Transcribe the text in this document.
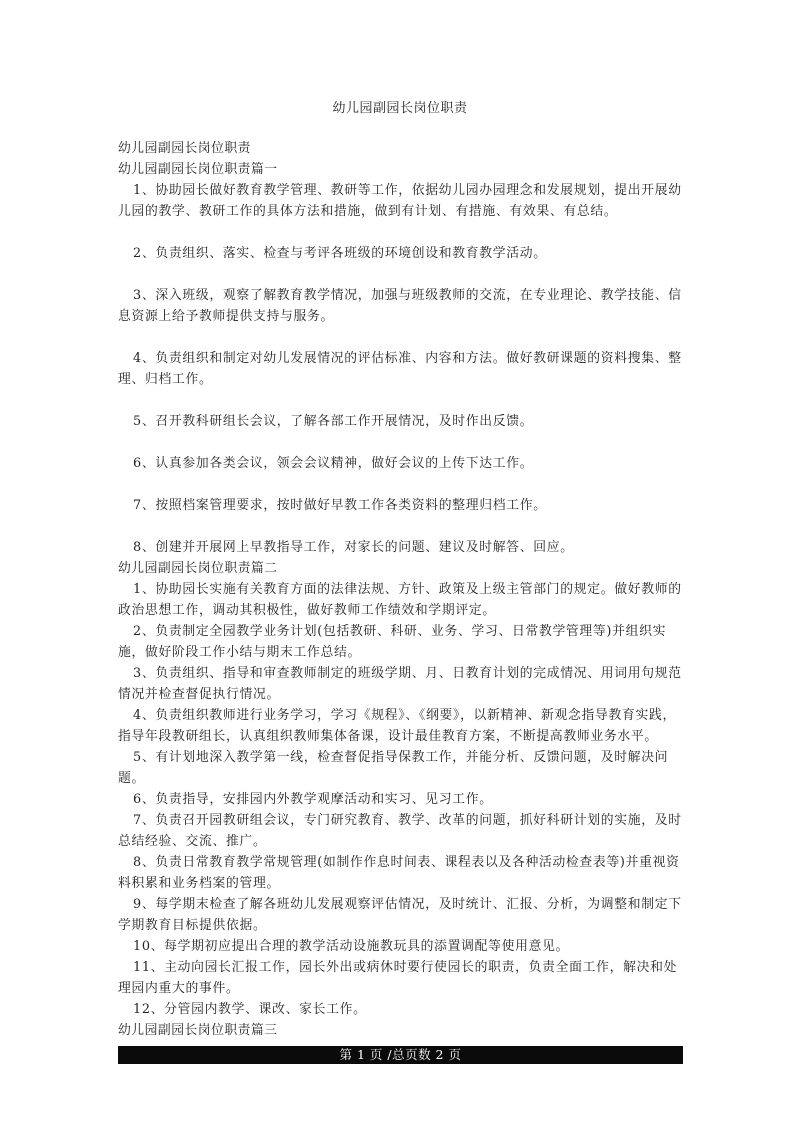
幼儿园副园长岗位职责
幼儿园副园长岗位职责
幼儿园副园长岗位职责篇一
1、协助园长做好教育教学管理、教研等工作，依据幼儿园办园理念和发展规划，提出开展幼儿园的教学、教研工作的具体方法和措施，做到有计划、有措施、有效果、有总结。
2、负责组织、落实、检查与考评各班级的环境创设和教育教学活动。
3、深入班级，观察了解教育教学情况，加强与班级教师的交流，在专业理论、教学技能、信息资源上给予教师提供支持与服务。
4、负责组织和制定对幼儿发展情况的评估标准、内容和方法。做好教研课题的资料搜集、整理、归档工作。
5、召开教科研组长会议，了解各部工作开展情况，及时作出反馈。
6、认真参加各类会议，领会会议精神，做好会议的上传下达工作。
7、按照档案管理要求，按时做好早教工作各类资料的整理归档工作。
8、创建并开展网上早教指导工作，对家长的问题、建议及时解答、回应。
幼儿园副园长岗位职责篇二
1、协助园长实施有关教育方面的法律法规、方针、政策及上级主管部门的规定。做好教师的政治思想工作，调动其积极性，做好教师工作绩效和学期评定。
2、负责制定全园教学业务计划(包括教研、科研、业务、学习、日常教学管理等)并组织实施，做好阶段工作小结与期末工作总结。
3、负责组织、指导和审查教师制定的班级学期、月、日教育计划的完成情况、用词用句规范情况并检查督促执行情况。
4、负责组织教师进行业务学习，学习《规程》、《纲要》，以新精神、新观念指导教育实践，指导年段教研组长，认真组织教师集体备课，设计最佳教育方案，不断提高教师业务水平。
5、有计划地深入教学第一线，检查督促指导保教工作，并能分析、反馈问题，及时解决问题。
6、负责指导，安排园内外教学观摩活动和实习、见习工作。
7、负责召开园教研组会议，专门研究教育、教学、改革的问题，抓好科研计划的实施，及时总结经验、交流、推广。
8、负责日常教育教学常规管理(如制作作息时间表、课程表以及各种活动检查表等)并重视资料积累和业务档案的管理。
9、每学期末检查了解各班幼儿发展观察评估情况，及时统计、汇报、分析，为调整和制定下学期教育目标提供依据。
10、每学期初应提出合理的教学活动设施教玩具的添置调配等使用意见。
11、主动向园长汇报工作，园长外出或病休时要行使园长的职责，负责全面工作，解决和处理园内重大的事件。
12、分管园内教学、课改、家长工作。
幼儿园副园长岗位职责篇三
第 1 页 /总页数 2 页
